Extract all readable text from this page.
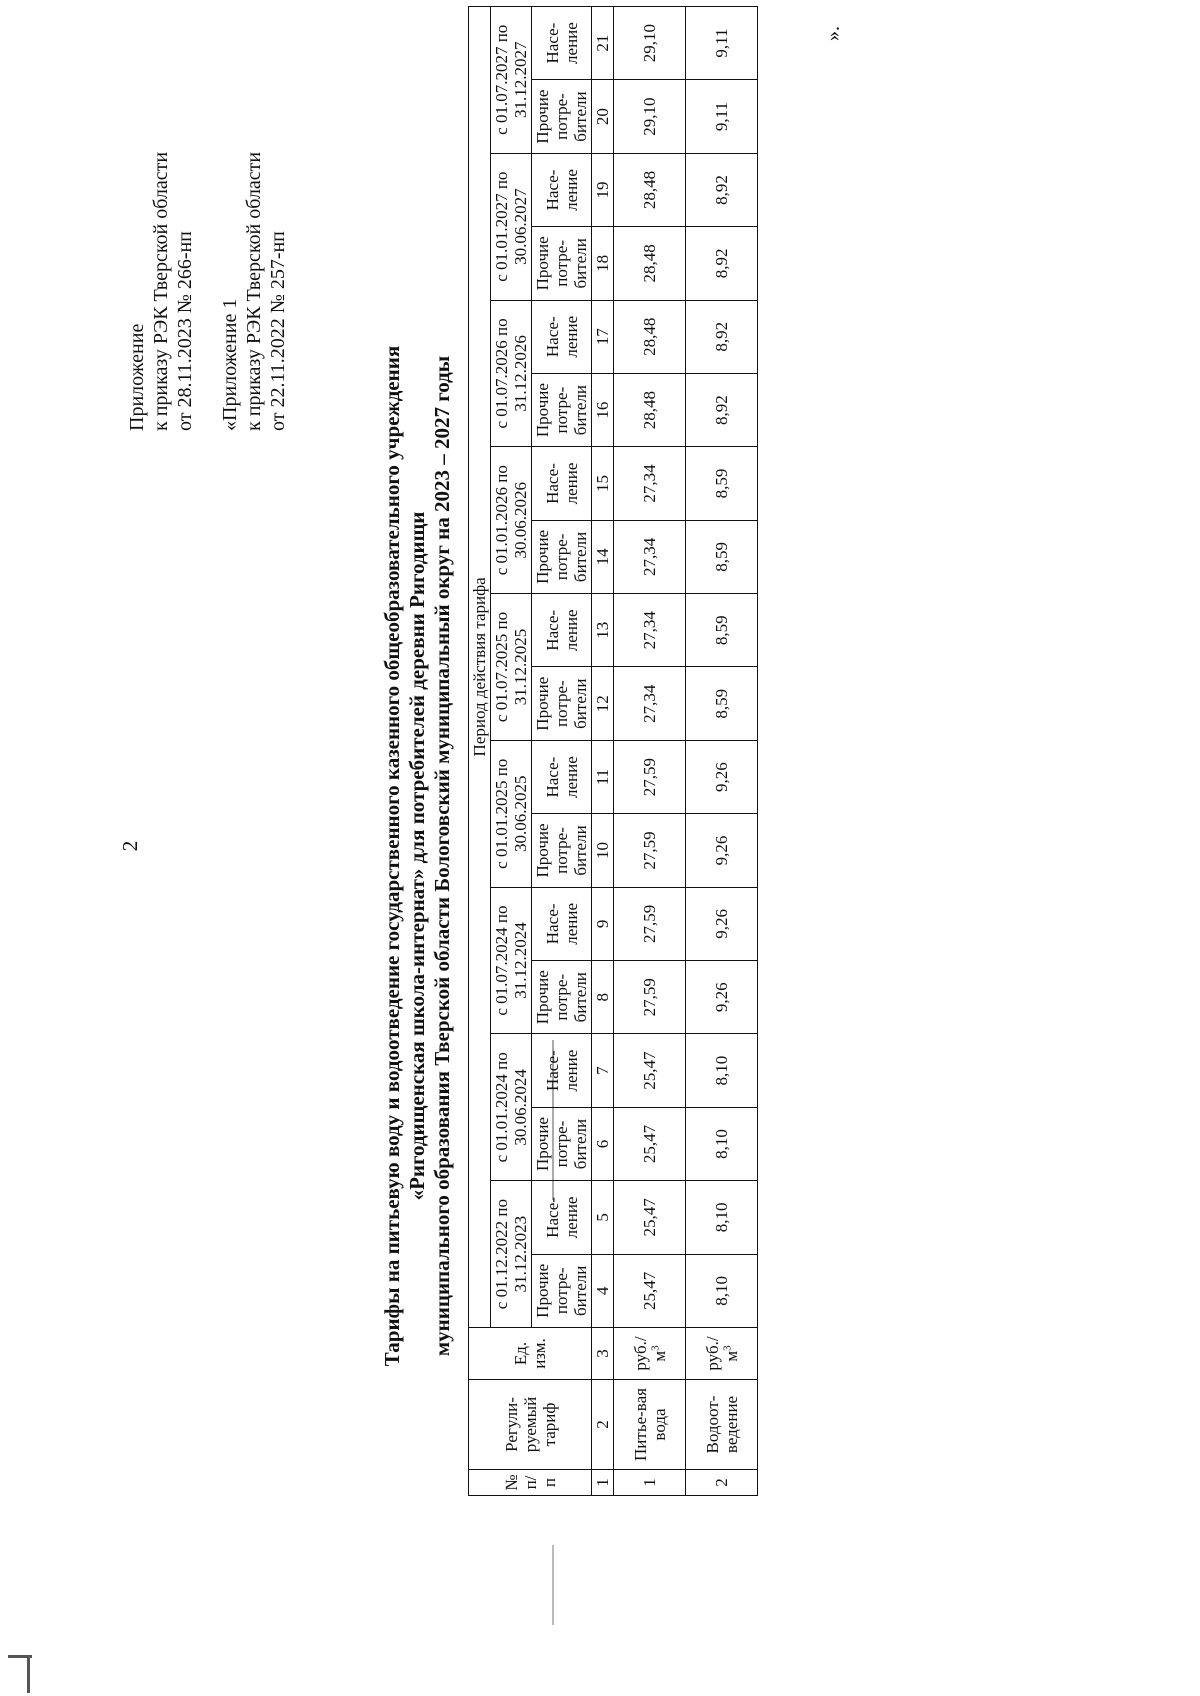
2
Приложение к приказу РЭК Тверской области от 28.11.2023 № 266-нп «Приложение 1 к приказу РЭК Тверской области от 22.11.2022 № 257-нп
Тарифы на питьевую воду и водоотведение государственного казенного общеобразовательного учреждения «Ригодищенская школа-интернат» для потребителей деревни Ригодищи муниципального образования Тверской области Бологовский муниципальный округ на 2023 – 2027 годы
№ п/п	Регули-руемый тариф	Ед. изм.	Период действия тарифа																	
			с 01.12.2022 по 31.12.2023		с 01.01.2024 по 30.06.2024		с 01.07.2024 по 31.12.2024		с 01.01.2025 по 30.06.2025		с 01.07.2025 по 31.12.2025		с 01.01.2026 по 30.06.2026		с 01.07.2026 по 31.12.2026		с 01.01.2027 по 30.06.2027		с 01.07.2027 по 31.12.2027	
			Прочие потре-бители	Насе-ление	Прочие потре-бители	Насе-ление	Прочие потре-бители	Насе-ление	Прочие потре-бители	Насе-ление	Прочие потре-бители	Насе-ление	Прочие потре-бители	Насе-ление	Прочие потре-бители	Насе-ление	Прочие потре-бители	Насе-ление	Прочие потре-бители	Насе-ление
1	2	3	4	5	6	7	8	9	10	11	12	13	14	15	16	17	18	19	20	21
1	Питье-вая вода	$руб./м^3$	25,47	25,47	25,47	25,47	27,59	27,59	27,59	27,59	27,34	27,34	27,34	27,34	28,48	28,48	28,48	28,48	29,10	29,10
2	Водоот-ведение	$руб./м^3$	8,10	8,10	8,10	8,10	9,26	9,26	9,26	9,26	8,59	8,59	8,59	8,59	8,92	8,92	8,92	8,92	9,11	9,11	».
